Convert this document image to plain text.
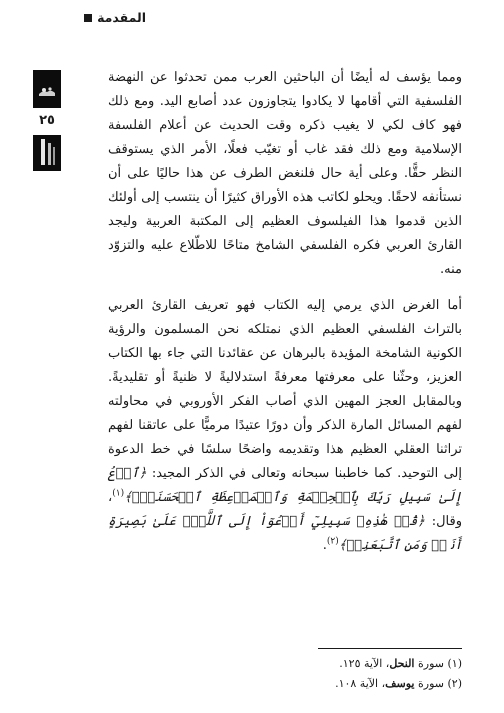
المقدمة
٢٥

ومما يؤسف له أيضًا أن الباحثين العرب ممن تحدثوا عن النهضة الفلسفية التي أقامها لا يكادوا يتجاوزون عدد أصابع اليد. ومع ذلك فهو كاف لكي لا يغيب ذكره وقت الحديث عن أعلام الفلسفة الإسلامية ومع ذلك فقد غاب أو تغيّب فعلًا، الأمر الذي يستوقف النظر حقًّا. وعلى أية حال فلنغض الطرف عن هذا حاليًا على أن نستأنفه لاحقًا. ويحلو لكاتب هذه الأوراق كثيرًا أن ينتسب إلى أولئك الذين قدموا هذا الفيلسوف العظيم إلى المكتبة العربية وليجد القارئ العربي فكره الفلسفي الشامخ متاحًا للاطّلاع عليه والتزوّد منه.

أما الغرض الذي يرمي إليه الكتاب فهو تعريف القارئ العربي بالتراث الفلسفي العظيم الذي نمتلكه نحن المسلمون والرؤية الكونية الشامخة المؤيدة بالبرهان عن عقائدنا التي جاء بها الكتاب العزيز، وحثّنا على معرفتها معرفةً استدلاليةً لا ظنيةً أو تقليديةً. وبالمقابل العجز المهين الذي أصاب الفكر الأوروبي في محاولته لفهم المسائل المارة الذكر وأن دورًا عتيدًا مرميًّا على عاتقنا لفهم تراثنا العقلي العظيم هذا وتقديمه واضحًا سلسًا في خط الدعوة إلى التوحيد. كما خاطبنا سبحانه وتعالى في الذكر المجيد: ﴿ٱدۡعُ إِلَىٰ سَبِيلِ رَبِّكَ بِٱلۡحِكۡمَةِ وَٱلۡمَوۡعِظَةِ ٱلۡحَسَنَةِۖ﴾$^{(١)}$، وقال: ﴿قُلۡ هَٰذِهِۦ سَبِيلِيٓ أَدۡعُوٓاْ إِلَى ٱللَّهِۚ عَلَىٰ بَصِيرَةٍ أَنَا۠ وَمَنِ ٱتَّبَعَنِيۖ﴾$^{(٢)}$.

(١) سورة النحل، الآية ١٢٥.
(٢) سورة يوسف، الآية ١٠٨.
